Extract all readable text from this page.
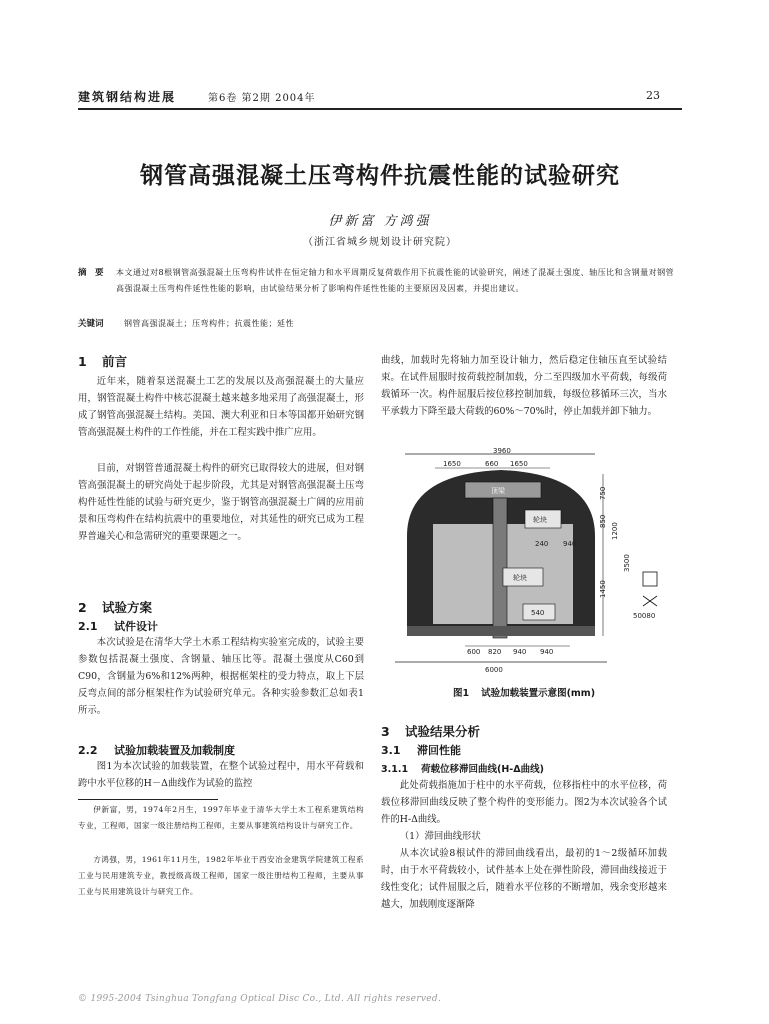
建筑钢结构进展	第6卷 第2期 2004年	23
钢管高强混凝土压弯构件抗震性能的试验研究
伊新富 方鸿强
（浙江省城乡规划设计研究院）
摘　要 本文通过对8根钢管高强混凝土压弯构件试件在恒定轴力和水平周期反复荷载作用下抗震性能的试验研究，阐述了混凝土强度、轴压比和含钢量对钢管高强混凝土压弯构件延性性能的影响，由试验结果分析了影响构件延性性能的主要原因及因素，并提出建议。
关键词	钢管高强混凝土；压弯构件；抗震性能；延性
1 前言
近年来，随着泵送混凝土工艺的发展以及高强混凝土的大量应用，钢管混凝土构件中核芯混凝土越来越多地采用了高强混凝土，形成了钢管高强混凝土结构。美国、澳大利亚和日本等国都开始研究钢管高强混凝土构件的工作性能，并在工程实践中推广应用。
目前，对钢管普通混凝土构件的研究已取得较大的进展，但对钢管高强混凝土的研究尚处于起步阶段，尤其是对钢管高强混凝土压弯构件延性性能的试验与研究更少，鉴于钢管高强混凝土广阔的应用前景和压弯构件在结构抗震中的重要地位，对其延性的研究已成为工程界普遍关心和急需研究的重要课题之一。
2 试验方案
2.1 试件设计
本次试验是在清华大学土木系工程结构实验室完成的，试验主要参数包括混凝土强度、含钢量、轴压比等。混凝土强度从C60到C90，含钢量为6%和12%两种，根据框架柱的受力特点，取上下层反弯点间的部分框架柱作为试验研究单元。各种实验参数汇总如表1所示。
2.2 试验加载装置及加载制度
图1为本次试验的加载装置，在整个试验过程中，用水平荷载和跨中水平位移的H－Δ曲线作为试验的监控
伊新富，男，1974年2月生，1997年毕业于清华大学土木工程系建筑结构专业，工程师，国家一级注册结构工程师，主要从事建筑结构设计与研究工作。
方鸿强，男，1961年11月生，1982年毕业于西安冶金建筑学院建筑工程系工业与民用建筑专业，教授级高级工程师，国家一级注册结构工程师，主要从事工业与民用建筑设计与研究工作。
曲线，加载时先将轴力加至设计轴力，然后稳定住轴压直至试验结束。在试件屈服时按荷载控制加载，分二至四级加水平荷载，每级荷载循环一次。构件屈服后按位移控制加载，每级位移循环三次，当水平承载力下降至最大荷载的60%～70%时，停止加载并卸下轴力。
3960
1650	660 1650
顶梁
轮块
240 940
轮块
540
750
850
1200
1450
3500
50080
600 820 940 940
6000
图1 试验加载装置示意图(mm)
3 试验结果分析
3.1 滞回性能
3.1.1 荷载位移滞回曲线(H-Δ曲线)
此处荷载指施加于柱中的水平荷载，位移指柱中的水平位移，荷载位移滞回曲线反映了整个构件的变形能力。图2为本次试验各个试件的H-Δ曲线。
（1）滞回曲线形状
从本次试验8根试件的滞回曲线看出，最初的1～2级循环加载时，由于水平荷载较小，试件基本上处在弹性阶段，滞回曲线接近于线性变化；试件屈服之后，随着水平位移的不断增加，残余变形越来越大，加载刚度逐渐降
© 1995-2004 Tsinghua Tongfang Optical Disc Co., Ltd. All rights reserved.
